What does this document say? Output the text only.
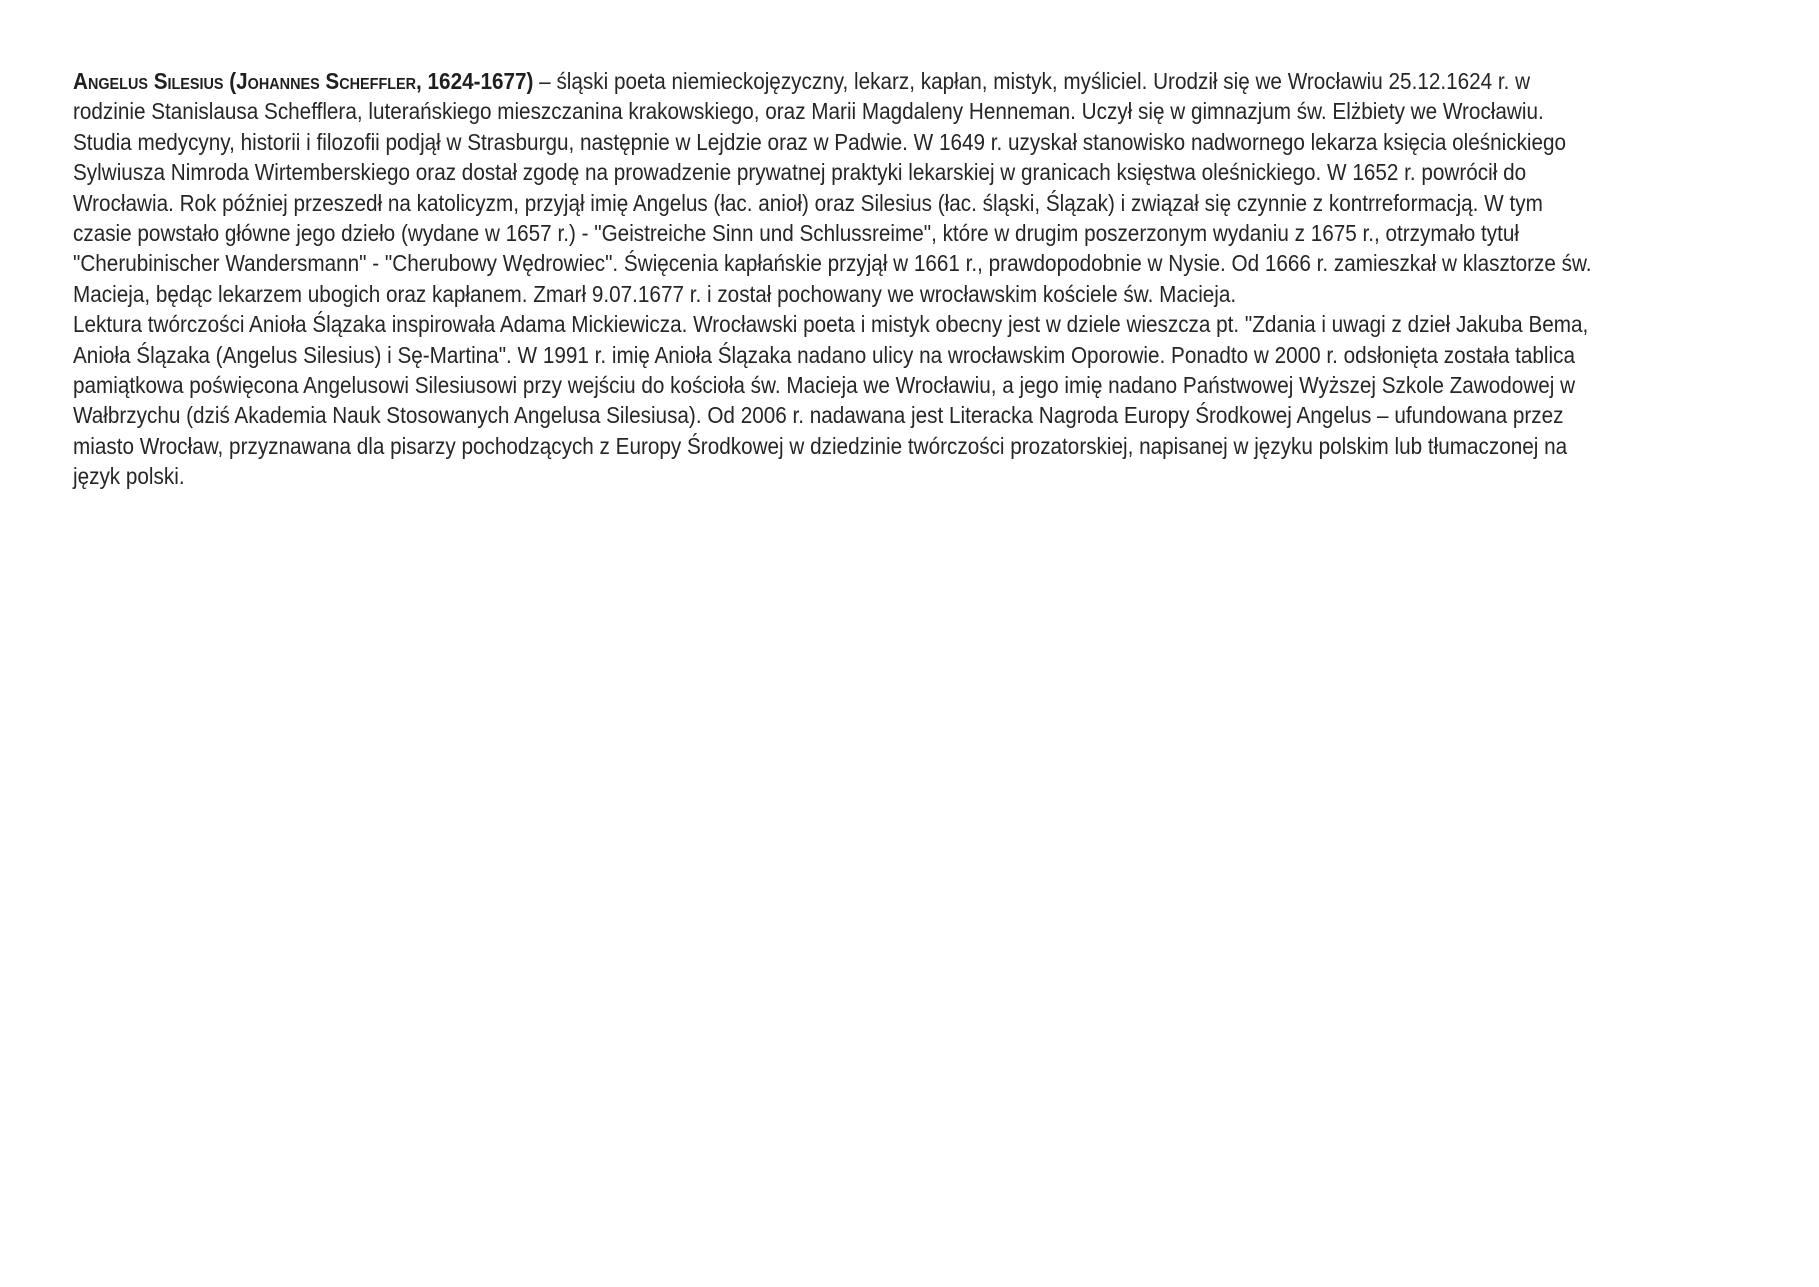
Angelus Silesius (Johannes Scheffler, 1624-1677) – śląski poeta niemieckojęzyczny, lekarz, kapłan, mistyk, myśliciel. Urodził się we Wrocławiu 25.12.1624 r. w rodzinie Stanislausa Schefflera, luterańskiego mieszczanina krakowskiego, oraz Marii Magdaleny Henneman. Uczył się w gimnazjum św. Elżbiety we Wrocławiu. Studia medycyny, historii i filozofii podjął w Strasburgu, następnie w Lejdzie oraz w Padwie. W 1649 r. uzyskał stanowisko nadwornego lekarza księcia oleśnickiego Sylwiusza Nimroda Wirtemberskiego oraz dostał zgodę na prowadzenie prywatnej praktyki lekarskiej w granicach księstwa oleśnickiego. W 1652 r. powrócił do Wrocławia. Rok później przeszedł na katolicyzm, przyjął imię Angelus (łac. anioł) oraz Silesius (łac. śląski, Ślązak) i związał się czynnie z kontrreformacją. W tym czasie powstało główne jego dzieło (wydane w 1657 r.) - "Geistreiche Sinn und Schlussreime", które w drugim poszerzonym wydaniu z 1675 r., otrzymało tytuł "Cherubinischer Wandersmann" - "Cherubowy Wędrowiec". Święcenia kapłańskie przyjął w 1661 r., prawdopodobnie w Nysie. Od 1666 r. zamieszkał w klasztorze św. Macieja, będąc lekarzem ubogich oraz kapłanem. Zmarł 9.07.1677 r. i został pochowany we wrocławskim kościele św. Macieja.

Lektura twórczości Anioła Ślązaka inspirowała Adama Mickiewicza. Wrocławski poeta i mistyk obecny jest w dziele wieszcza pt. "Zdania i uwagi z dzieł Jakuba Bema, Anioła Ślązaka (Angelus Silesius) i Sę-Martina". W 1991 r. imię Anioła Ślązaka nadano ulicy na wrocławskim Oporowie. Ponadto w 2000 r. odsłonięta została tablica pamiątkowa poświęcona Angelusowi Silesiusowi przy wejściu do kościoła św. Macieja we Wrocławiu, a jego imię nadano Państwowej Wyższej Szkole Zawodowej w Wałbrzychu (dziś Akademia Nauk Stosowanych Angelusa Silesiusa). Od 2006 r. nadawana jest Literacka Nagroda Europy Środkowej Angelus – ufundowana przez miasto Wrocław, przyznawana dla pisarzy pochodzących z Europy Środkowej w dziedzinie twórczości prozatorskiej, napisanej w języku polskim lub tłumaczonej na język polski.
